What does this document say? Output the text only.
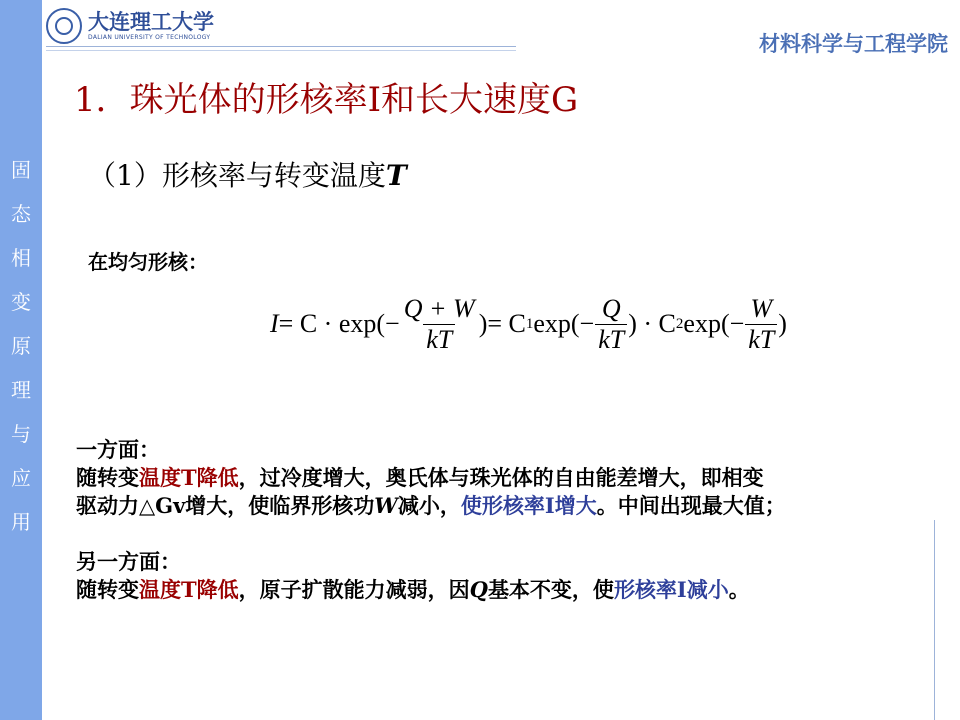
固
态
相
变
原
理
与
应
用
大连理工大学
DALIAN UNIVERSITY OF TECHNOLOGY	材料科学与工程学院
1．珠光体的形核率I和长大速度G
（1）形核率与转变温度T
在均匀形核：
$I = C \cdot \exp(- \frac{Q + W}{kT}$ )= C 1 $\exp(- \frac{Q}{kT}$ ) · C 2 $\exp(- \frac{W}{kT}$ )

一方面：

随转变温度T降低，过冷度增大，奥氏体与珠光体的自由能差增大，即相变

驱动力△Gv增大，使临界形核功W减小，使形核率I增大。中间出现最大值；

另一方面：

随转变温度T降低，原子扩散能力减弱，因Q基本不变，使形核率I减小。
